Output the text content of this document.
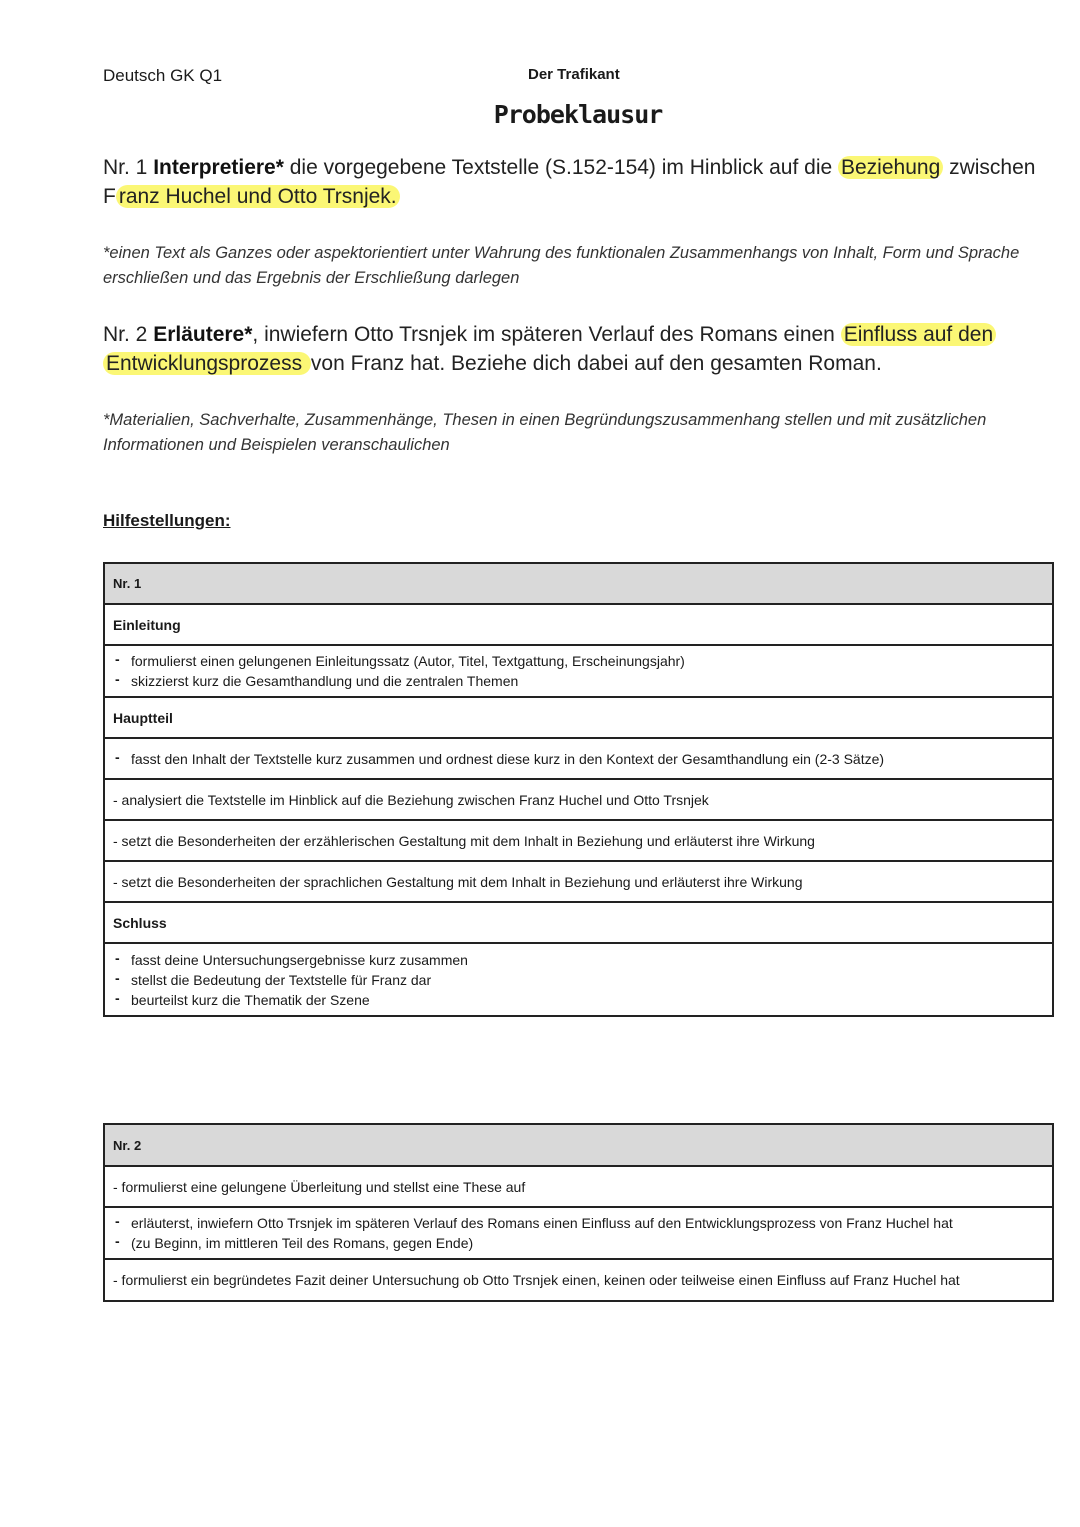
Deutsch GK Q1	Der Trafikant
Probeklausur
Nr. 1 Interpretiere* die vorgegebene Textstelle (S.152-154) im Hinblick auf die Beziehung zwischen F ranz Huchel und Otto Trsnjek.
*einen Text als Ganzes oder aspektorientiert unter Wahrung des funktionalen Zusammenhangs von Inhalt, Form und Sprache erschließen und das Ergebnis der Erschließung darlegen
Nr. 2 Erläutere*, inwiefern Otto Trsnjek im späteren Verlauf des Romans einen Einfluss auf den Entwicklungsprozess von Franz hat. Beziehe dich dabei auf den gesamten Roman.
*Materialien, Sachverhalte, Zusammenhänge, Thesen in einen Begründungszusammenhang stellen und mit zusätzlichen Informationen und Beispielen veranschaulichen
Hilfestellungen:
Nr. 1
Einleitung

- formulierst einen gelungenen Einleitungssatz (Autor, Titel, Textgattung, Erscheinungsjahr)
- skizzierst kurz die Gesamthandlung und die zentralen Themen

Hauptteil

- fasst den Inhalt der Textstelle kurz zusammen und ordnest diese kurz in den Kontext der Gesamthandlung ein (2-3 Sätze)

- analysiert die Textstelle im Hinblick auf die Beziehung zwischen Franz Huchel und Otto Trsnjek
- setzt die Besonderheiten der erzählerischen Gestaltung mit dem Inhalt in Beziehung und erläuterst ihre Wirkung
- setzt die Besonderheiten der sprachlichen Gestaltung mit dem Inhalt in Beziehung und erläuterst ihre Wirkung
Schluss

- fasst deine Untersuchungsergebnisse kurz zusammen
- stellst die Bedeutung der Textstelle für Franz dar
- beurteilst kurz die Thematik der Szene
Nr. 2
- formulierst eine gelungene Überleitung und stellst eine These auf

- erläuterst, inwiefern Otto Trsnjek im späteren Verlauf des Romans einen Einfluss auf den Entwicklungsprozess von Franz Huchel hat
- (zu Beginn, im mittleren Teil des Romans, gegen Ende)

- formulierst ein begründetes Fazit deiner Untersuchung ob Otto Trsnjek einen, keinen oder teilweise einen Einfluss auf Franz Huchel hat
